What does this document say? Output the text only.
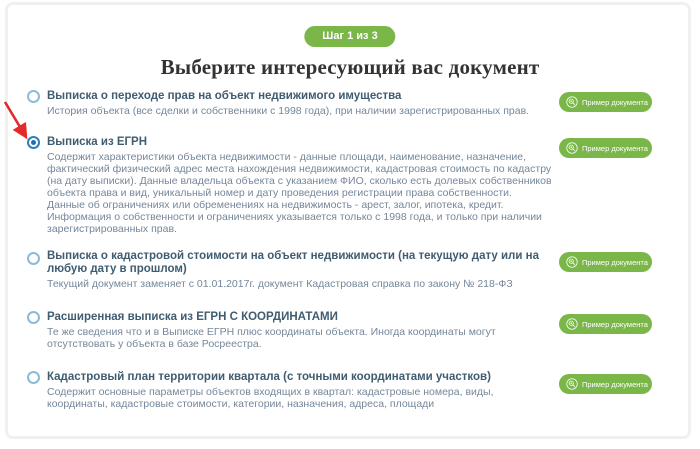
Шаг 1 из 3
Выберите интересующий вас документ
Выписка о переходе прав на объект недвижимого имущества
История объекта (все сделки и собственники с 1998 года), при наличии зарегистрированных прав.
Пример документа
Выписка из ЕГРН
Содержит характеристики объекта недвижимости - данные площади, наименование, назначение, фактический физический адрес места нахождения недвижимости, кадастровая стоимость по кадастру (на дату выписки). Данные владельца объекта с указанием ФИО, сколько есть долевых собственников объекта права и вид, уникальный номер и дату проведения регистрации права собственности. Данные об ограничениях или обременениях на недвижимость - арест, залог, ипотека, кредит. Информация о собственности и ограничениях указывается только с 1998 года, и только при наличии зарегистрированных прав.
Пример документа
Выписка о кадастровой стоимости на объект недвижимости (на текущую дату или на любую дату в прошлом)
Текущий документ заменяет с 01.01.2017г. документ Кадастровая справка по закону № 218-ФЗ
Пример документа
Расширенная выписка из ЕГРН С КООРДИНАТАМИ
Те же сведения что и в Выписке ЕГРН плюс координаты объекта. Иногда координаты могут отсутствовать у объекта в базе Росреестра.
Пример документа
Кадастровый план территории квартала (с точными координатами участков)
Содержит основные параметры объектов входящих в квартал: кадастровые номера, виды, координаты, кадастровые стоимости, категории, назначения, адреса, площади
Пример документа
